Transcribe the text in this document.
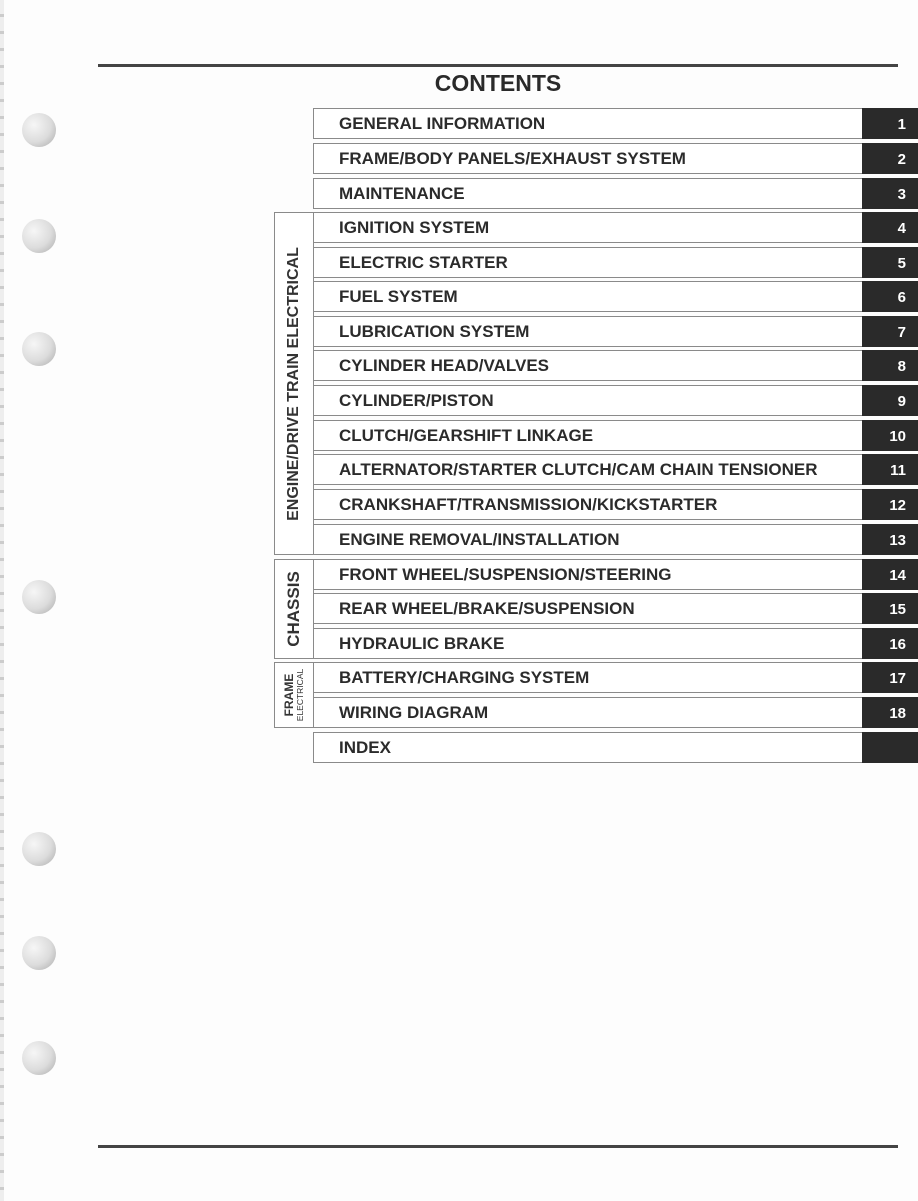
CONTENTS
ENGINE/DRIVE TRAIN ELECTRICAL
CHASSIS
FRAME ELECTRICAL
GENERAL INFORMATION	1
FRAME/BODY PANELS/EXHAUST SYSTEM	2
MAINTENANCE	3
IGNITION SYSTEM	4
ELECTRIC STARTER	5
FUEL SYSTEM	6
LUBRICATION SYSTEM	7
CYLINDER HEAD/VALVES	8
CYLINDER/PISTON	9
CLUTCH/GEARSHIFT LINKAGE	10
ALTERNATOR/STARTER CLUTCH/CAM CHAIN TENSIONER	11
CRANKSHAFT/TRANSMISSION/KICKSTARTER	12
ENGINE REMOVAL/INSTALLATION	13
FRONT WHEEL/SUSPENSION/STEERING	14
REAR WHEEL/BRAKE/SUSPENSION	15
HYDRAULIC BRAKE	16
BATTERY/CHARGING SYSTEM	17
WIRING DIAGRAM	18
INDEX
